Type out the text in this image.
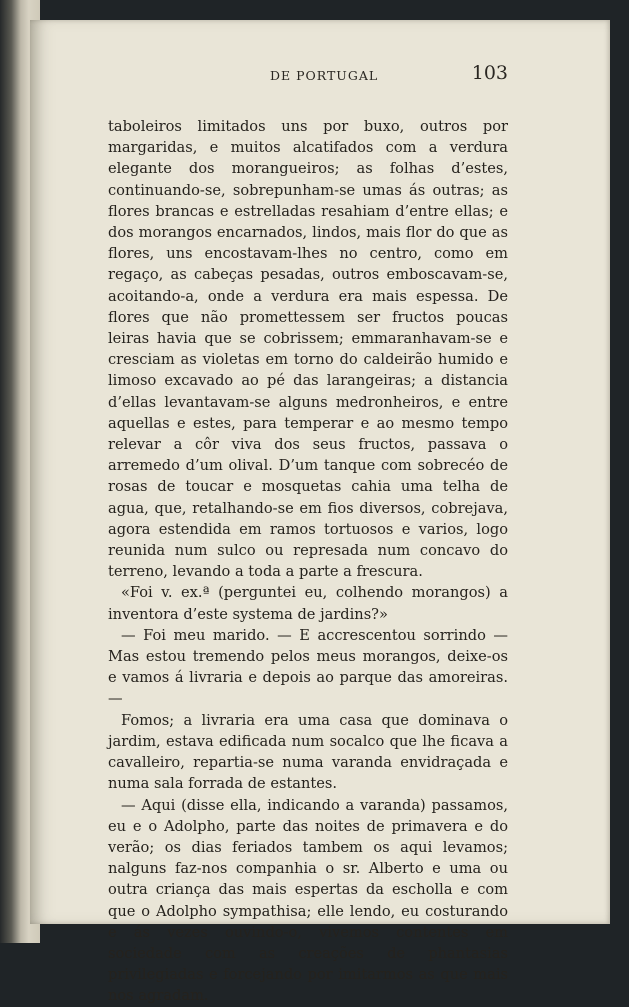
DE PORTUGAL	103

taboleiros limitados uns por buxo, outros por margaridas, e muitos alcatifados com a verdura elegante dos morangueiros; as folhas d’estes, continuando-se, sobrepunham-se umas ás outras; as flores brancas e estrelladas resahiam d’entre ellas; e dos morangos encarnados, lindos, mais flor do que as flores, uns encostavam-lhes no centro, como em regaço, as cabeças pesadas, outros emboscavam-se, acoitando-a, onde a verdura era mais espessa. De flores que não promettessem ser fructos poucas leiras havia que se cobrissem; emmaranhavam-se e cresciam as violetas em torno do caldeirão humido e limoso excavado ao pé das larangeiras; a distancia d’ellas levantavam-se alguns medronheiros, e entre aquellas e estes, para temperar e ao mesmo tempo relevar a côr viva dos seus fructos, passava o arremedo d’um olival. D’um tanque com sobrecéo de rosas de toucar e mosquetas cahia uma telha de agua, que, retalhando-se em fios diversos, cobrejava, agora estendida em ramos tortuosos e varios, logo reunida num sulco ou represada num concavo do terreno, levando a toda a parte a frescura.

«Foi v. ex.ª (perguntei eu, colhendo morangos) a inventora d’este systema de jardins?»

— Foi meu marido. — E accrescentou sorrindo — Mas estou tremendo pelos meus morangos, deixe-os e vamos á livraria e depois ao parque das amoreiras.—

Fomos; a livraria era uma casa que dominava o jardim, estava edificada num socalco que lhe ficava a cavalleiro, repartia-se numa varanda envidraçada e numa sala forrada de estantes.

— Aqui (disse ella, indicando a varanda) passamos, eu e o Adolpho, parte das noites de primavera e do verão; os dias feriados tambem os aqui levamos; nalguns faz-nos companhia o sr. Alberto e uma ou outra criança das mais espertas da escholla e com que o Adolpho sympathisa; elle lendo, eu costurando e ás vezes ouvindo-o, vivemos contentes em sociedade com as creações de phantasias privilegiadas e forcejando por imitarmos as que mais nos agradam.
